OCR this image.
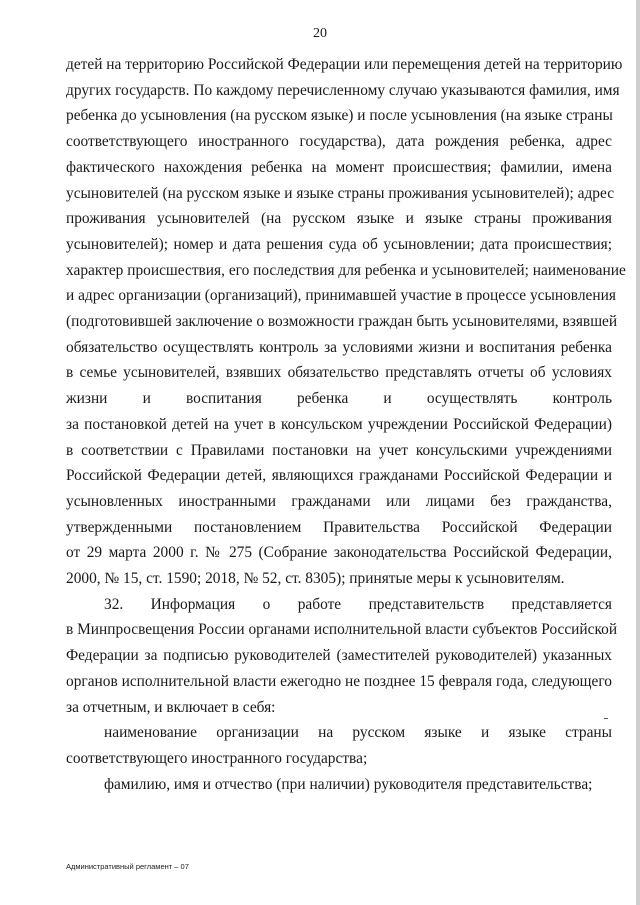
20
детей на территорию Российской Федерации или перемещения детей на территорию
других государств. По каждому перечисленному случаю указываются фамилия, имя
ребенка до усыновления (на русском языке) и после усыновления (на языке страны
соответствующего иностранного государства), дата рождения ребенка, адрес
фактического нахождения ребенка на момент происшествия; фамилии, имена
усыновителей (на русском языке и языке страны проживания усыновителей); адрес
проживания усыновителей (на русском языке и языке страны проживания
усыновителей); номер и дата решения суда об усыновлении; дата происшествия;
характер происшествия, его последствия для ребенка и усыновителей; наименование
и адрес организации (организаций), принимавшей участие в процессе усыновления
(подготовившей заключение о возможности граждан быть усыновителями, взявшей
обязательство осуществлять контроль за условиями жизни и воспитания ребенка
в семье усыновителей, взявших обязательство представлять отчеты об условиях
жизни и воспитания ребенка и осуществлять контроль
за постановкой детей на учет в консульском учреждении Российской Федерации)
в соответствии с Правилами постановки на учет консульскими учреждениями
Российской Федерации детей, являющихся гражданами Российской Федерации и
усыновленных иностранными гражданами или лицами без гражданства,
утвержденными постановлением Правительства Российской Федерации
от 29 марта 2000 г. № 275 (Собрание законодательства Российской Федерации,
2000, № 15, ст. 1590; 2018, № 52, ст. 8305); принятые меры к усыновителям.
32. Информация о работе представительств представляется
в Минпросвещения России органами исполнительной власти субъектов Российской
Федерации за подписью руководителей (заместителей руководителей) указанных
органов исполнительной власти ежегодно не позднее 15 февраля года, следующего
за отчетным, и включает в себя:
наименование организации на русском языке и языке страны
соответствующего иностранного государства;
фамилию, имя и отчество (при наличии) руководителя представительства;
Административный регламент – 07
